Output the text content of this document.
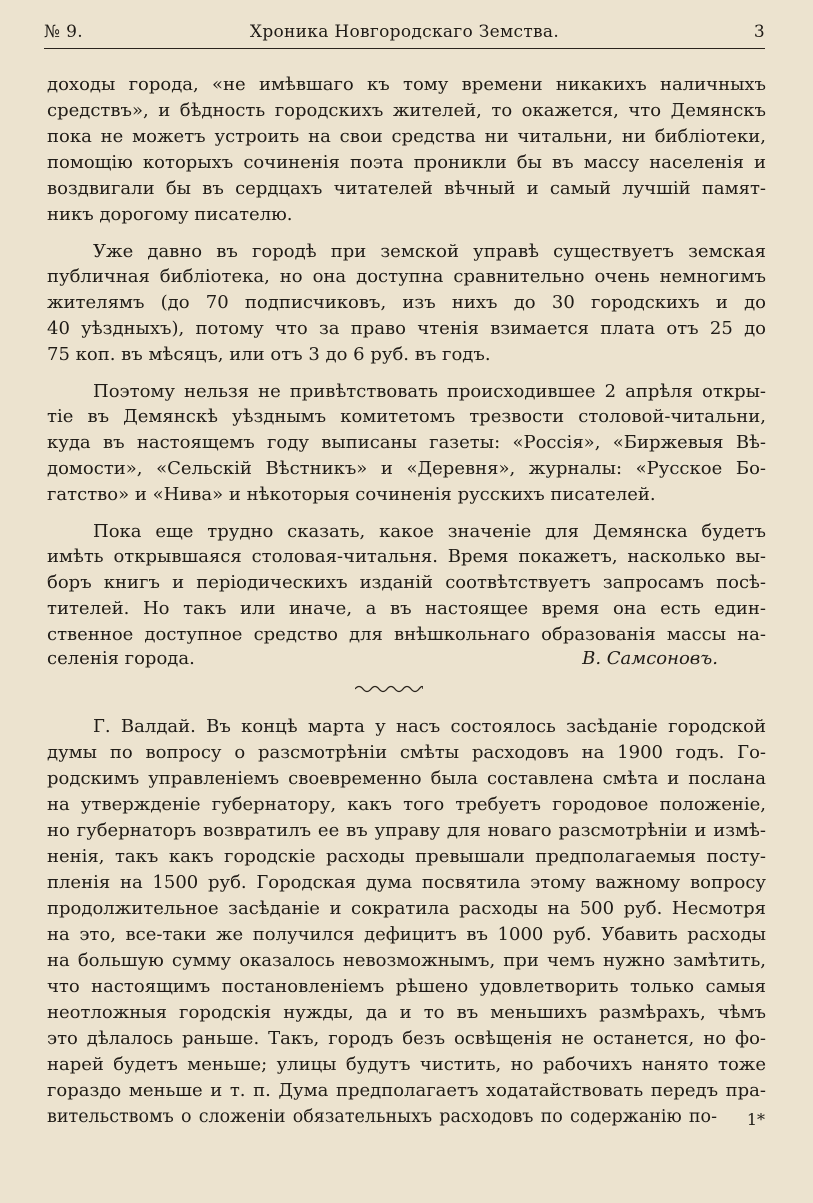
№ 9.	Хроника Новгородскаго Земства.	3
доходы города, «не имѣвшаго къ тому времени никакихъ наличныхъ
средствъ», и бѣдность городскихъ жителей, то окажется, что Демянскъ
пока не можетъ устроить на свои средства ни читальни, ни библіотеки,
помощію которыхъ сочиненія поэта проникли бы въ массу населенія и
воздвигали бы въ сердцахъ читателей вѣчный и самый лучшій памят-
никъ дорогому писателю.
Уже давно въ городѣ при земской управѣ существуетъ земская
публичная библіотека, но она доступна сравнительно очень немногимъ
жителямъ (до 70 подписчиковъ, изъ нихъ до 30 городскихъ и до
40 уѣздныхъ), потому что за право чтенія взимается плата отъ 25 до
75 коп. въ мѣсяцъ, или отъ 3 до 6 руб. въ годъ.
Поэтому нельзя не привѣтствовать происходившее 2 апрѣля откры-
тіе въ Демянскѣ уѣзднымъ комитетомъ трезвости столовой-читальни,
куда въ настоящемъ году выписаны газеты: «Россія», «Биржевыя Вѣ-
домости», «Сельскій Вѣстникъ» и «Деревня», журналы: «Русское Бо-
гатство» и «Нива» и нѣкоторыя сочиненія русскихъ писателей.
Пока еще трудно сказать, какое значеніе для Демянска будетъ
имѣть открывшаяся столовая-читальня. Время покажетъ, насколько вы-
боръ книгъ и періодическихъ изданій соотвѣтствуетъ запросамъ посѣ-
тителей. Но такъ или иначе, а въ настоящее время она есть един-
ственное доступное средство для внѣшкольнаго образованія массы на-
селенія города.	В. Самсоновъ.
Г. Валдай. Въ концѣ марта у насъ состоялось засѣданіе городской
думы по вопросу о разсмотрѣніи смѣты расходовъ на 1900 годъ. Го-
родскимъ управленіемъ своевременно была составлена смѣта и послана
на утвержденіе губернатору, какъ того требуетъ городовое положеніе,
но губернаторъ возвратилъ ее въ управу для новаго разсмотрѣніи и измѣ-
ненія, такъ какъ городскіе расходы превышали предполагаемыя посту-
пленія на 1500 руб. Городская дума посвятила этому важному вопросу
продолжительное засѣданіе и сократила расходы на 500 руб. Несмотря
на это, все-таки же получился дефицитъ въ 1000 руб. Убавить расходы
на большую сумму оказалось невозможнымъ, при чемъ нужно замѣтить,
что настоящимъ постановленіемъ рѣшено удовлетворить только самыя
неотложныя городскія нужды, да и то въ меньшихъ размѣрахъ, чѣмъ
это дѣлалось раньше. Такъ, городъ безъ освѣщенія не останется, но фо-
нарей будетъ меньше; улицы будутъ чистить, но рабочихъ нанято тоже
гораздо меньше и т. п. Дума предполагаетъ ходатайствовать передъ пра-
вительствомъ о сложеніи обязательныхъ расходовъ по содержанію по- 1*
